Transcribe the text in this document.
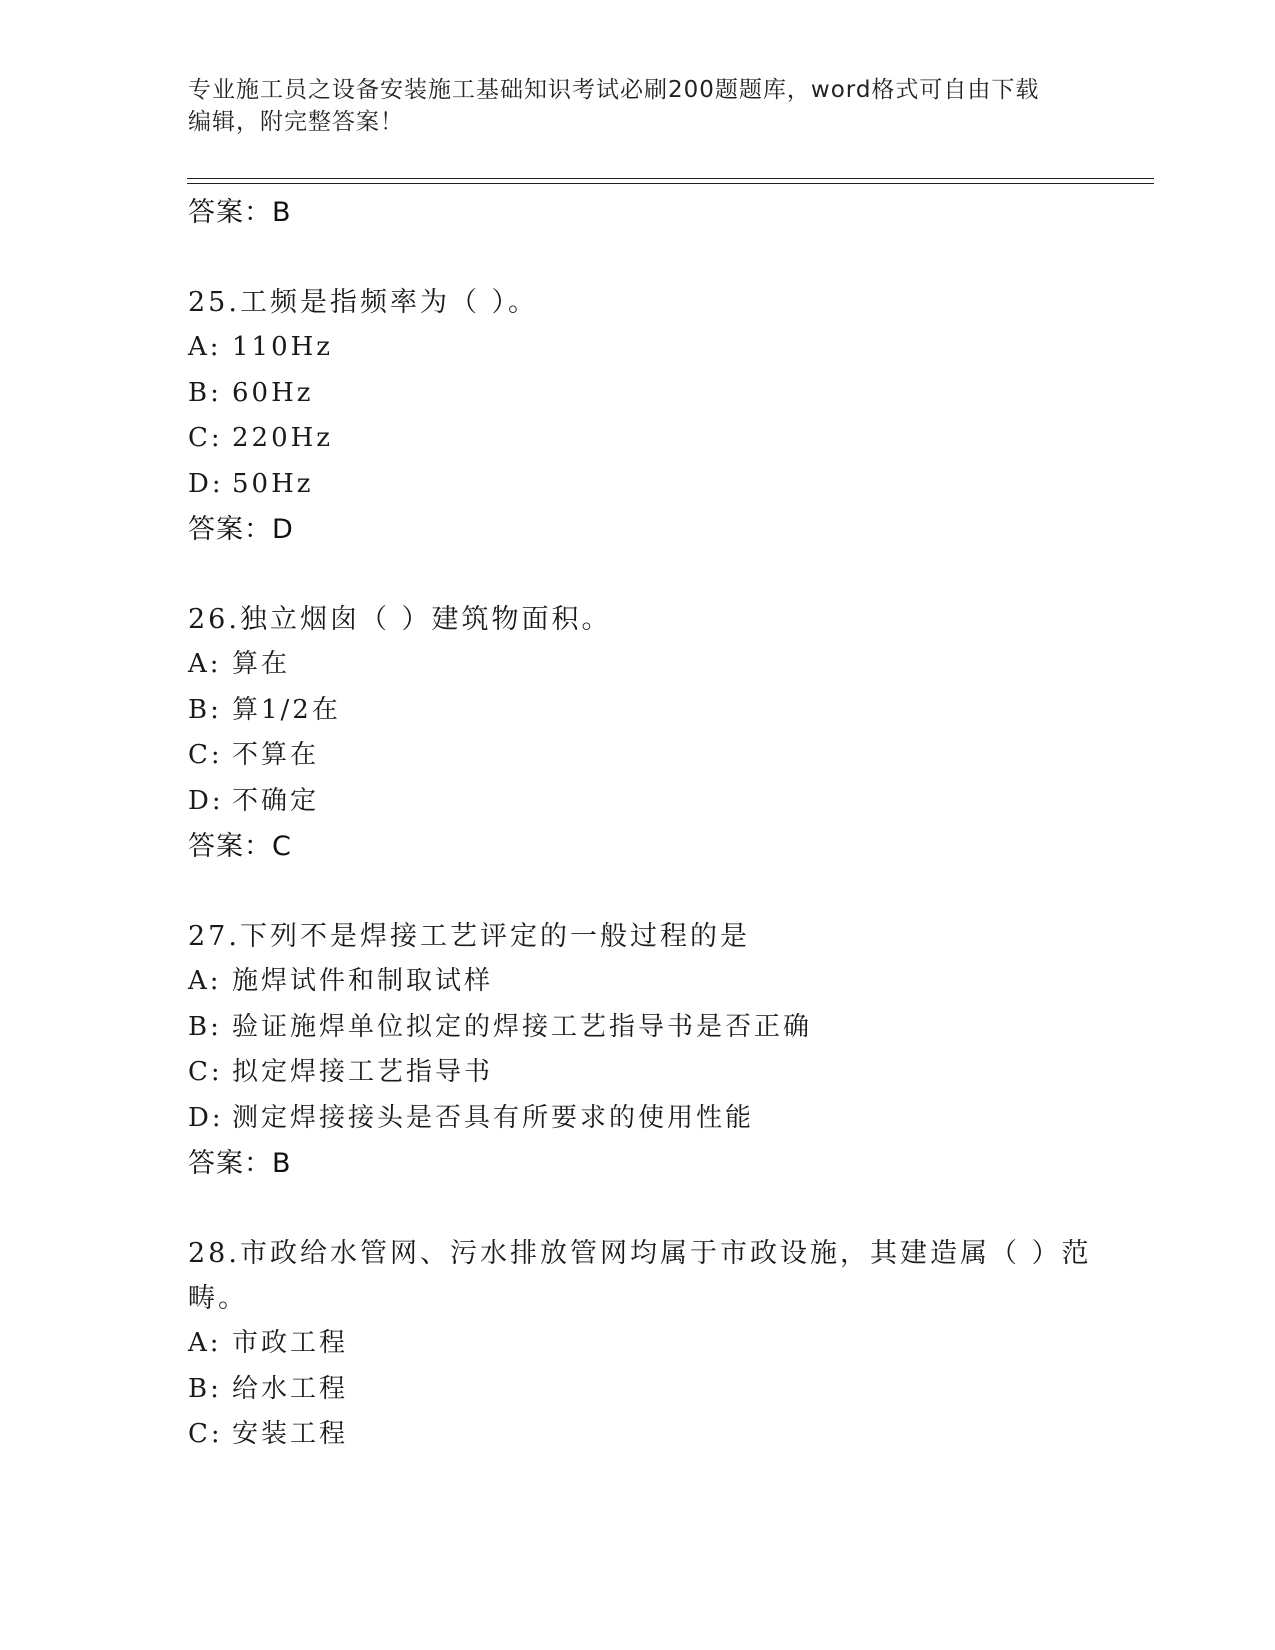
专业施工员之设备安装施工基础知识考试必刷200题题库，word格式可自由下载
编辑，附完整答案！
答案：B
25.工频是指频率为（ ）。
A: 110Hz
B: 60Hz
C: 220Hz
D: 50Hz
答案：D
26.独立烟囱（ ）建筑物面积。
A: 算在
B: 算1/2在
C: 不算在
D: 不确定
答案：C
27.下列不是焊接工艺评定的一般过程的是
A: 施焊试件和制取试样
B: 验证施焊单位拟定的焊接工艺指导书是否正确
C: 拟定焊接工艺指导书
D: 测定焊接接头是否具有所要求的使用性能
答案：B
28.市政给水管网、污水排放管网均属于市政设施，其建造属（ ）范畴。
A: 市政工程
B: 给水工程
C: 安装工程
